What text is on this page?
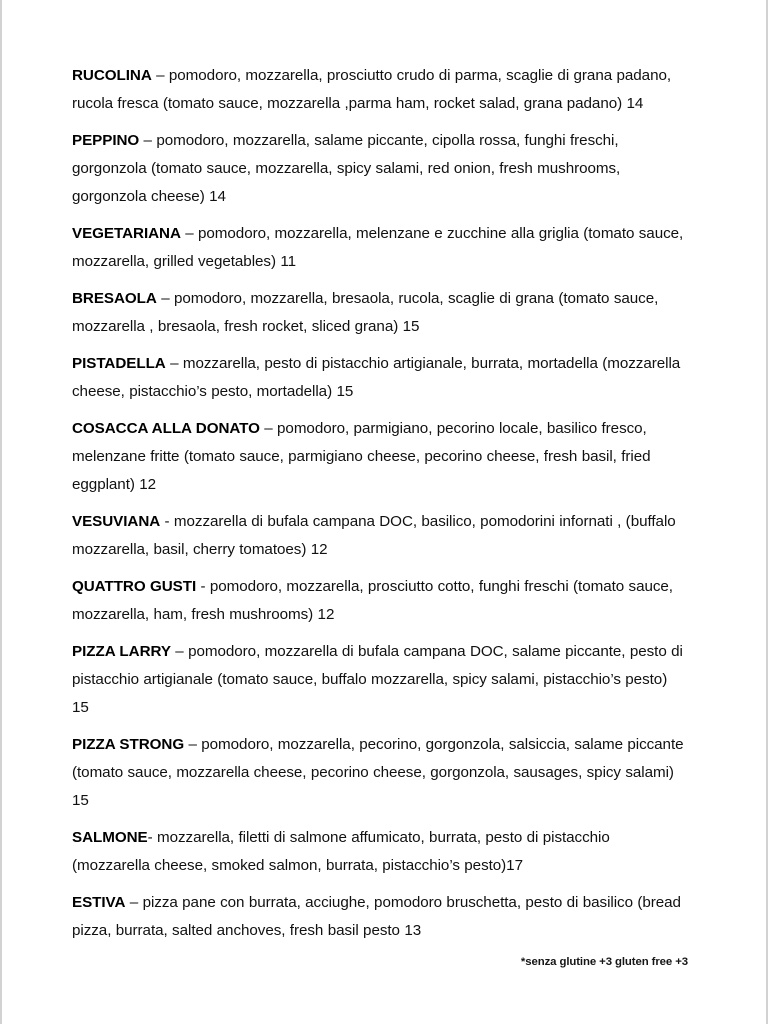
RUCOLINA – pomodoro, mozzarella, prosciutto crudo di parma, scaglie di grana padano, rucola fresca (tomato sauce, mozzarella ,parma ham, rocket salad, grana padano) 14

PEPPINO – pomodoro, mozzarella, salame piccante, cipolla rossa, funghi freschi, gorgonzola (tomato sauce, mozzarella, spicy salami, red onion, fresh mushrooms, gorgonzola cheese) 14

VEGETARIANA – pomodoro, mozzarella, melenzane e zucchine alla griglia (tomato sauce, mozzarella, grilled vegetables) 11

BRESAOLA – pomodoro, mozzarella, bresaola, rucola, scaglie di grana (tomato sauce, mozzarella , bresaola, fresh rocket, sliced grana) 15

PISTADELLA – mozzarella, pesto di pistacchio artigianale, burrata, mortadella (mozzarella cheese, pistacchio’s pesto, mortadella) 15

COSACCA ALLA DONATO – pomodoro, parmigiano, pecorino locale, basilico fresco, melenzane fritte (tomato sauce, parmigiano cheese, pecorino cheese, fresh basil, fried eggplant) 12

VESUVIANA - mozzarella di bufala campana DOC, basilico, pomodorini infornati , (buffalo mozzarella, basil, cherry tomatoes) 12

QUATTRO GUSTI - pomodoro, mozzarella, prosciutto cotto, funghi freschi (tomato sauce, mozzarella, ham, fresh mushrooms) 12

PIZZA LARRY – pomodoro, mozzarella di bufala campana DOC, salame piccante, pesto di pistacchio artigianale (tomato sauce, buffalo mozzarella, spicy salami, pistacchio’s pesto) 15

PIZZA STRONG – pomodoro, mozzarella, pecorino, gorgonzola, salsiccia, salame piccante (tomato sauce, mozzarella cheese, pecorino cheese, gorgonzola, sausages, spicy salami) 15

SALMONE- mozzarella, filetti di salmone affumicato, burrata, pesto di pistacchio (mozzarella cheese, smoked salmon, burrata, pistacchio’s pesto)17

ESTIVA – pizza pane con burrata, acciughe, pomodoro bruschetta, pesto di basilico (bread pizza, burrata, salted anchoves, fresh basil pesto 13

*senza glutine +3 gluten free +3
